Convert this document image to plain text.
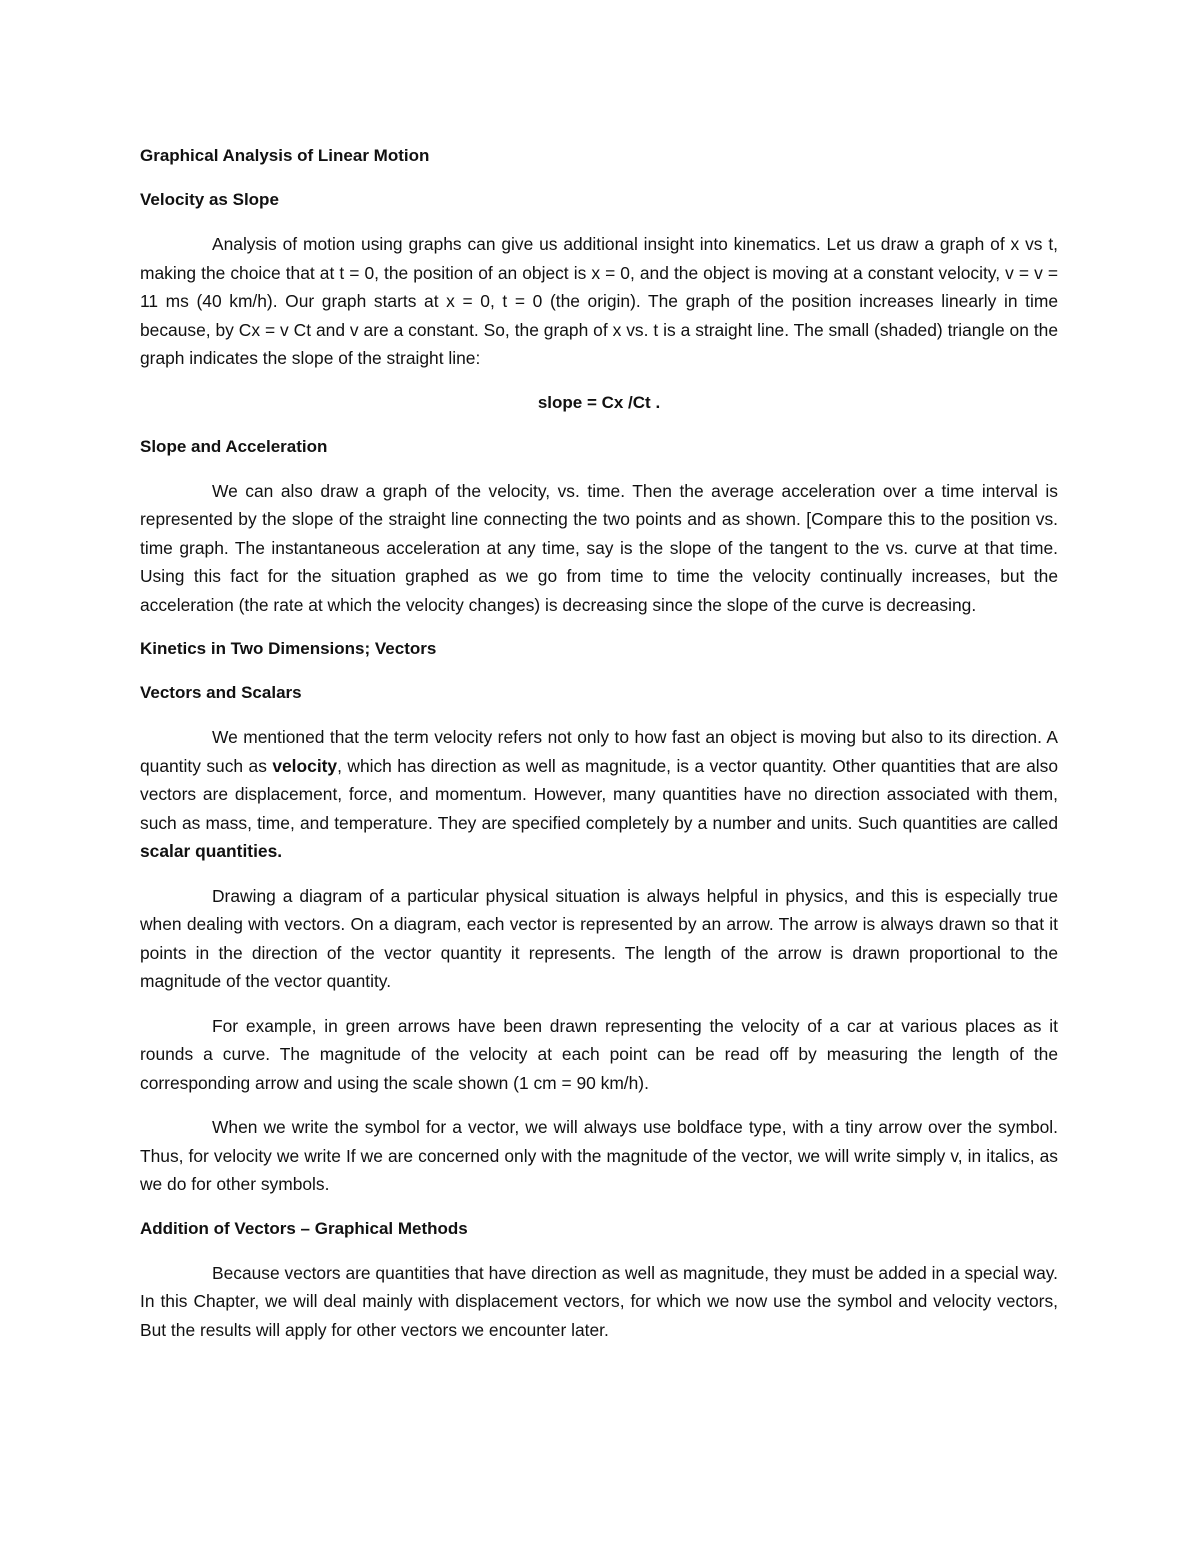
Graphical Analysis of Linear Motion
Velocity as Slope

Analysis of motion using graphs can give us additional insight into kinematics. Let us draw a graph of x vs t, making the choice that at t = 0, the position of an object is x = 0, and the object is moving at a constant velocity, v = v = 11 ms (40 km/h). Our graph starts at x = 0, t = 0 (the origin). The graph of the position increases linearly in time because, by Cx = v Ct and v are a constant. So, the graph of x vs. t is a straight line. The small (shaded) triangle on the graph indicates the slope of the straight line:

slope = Cx /Ct .
Slope and Acceleration

We can also draw a graph of the velocity, vs. time. Then the average acceleration over a time interval is represented by the slope of the straight line connecting the two points and as shown. [Compare this to the position vs. time graph. The instantaneous acceleration at any time, say is the slope of the tangent to the vs. curve at that time. Using this fact for the situation graphed as we go from time to time the velocity continually increases, but the acceleration (the rate at which the velocity changes) is decreasing since the slope of the curve is decreasing.

Kinetics in Two Dimensions; Vectors
Vectors and Scalars

We mentioned that the term velocity refers not only to how fast an object is moving but also to its direction. A quantity such as velocity, which has direction as well as magnitude, is a vector quantity. Other quantities that are also vectors are displacement, force, and momentum. However, many quantities have no direction associated with them, such as mass, time, and temperature. They are specified completely by a number and units. Such quantities are called scalar quantities.

Drawing a diagram of a particular physical situation is always helpful in physics, and this is especially true when dealing with vectors. On a diagram, each vector is represented by an arrow. The arrow is always drawn so that it points in the direction of the vector quantity it represents. The length of the arrow is drawn proportional to the magnitude of the vector quantity.

For example, in green arrows have been drawn representing the velocity of a car at various places as it rounds a curve. The magnitude of the velocity at each point can be read off by measuring the length of the corresponding arrow and using the scale shown (1 cm = 90 km/h).

When we write the symbol for a vector, we will always use boldface type, with a tiny arrow over the symbol. Thus, for velocity we write If we are concerned only with the magnitude of the vector, we will write simply v, in italics, as we do for other symbols.

Addition of Vectors – Graphical Methods

Because vectors are quantities that have direction as well as magnitude, they must be added in a special way. In this Chapter, we will deal mainly with displacement vectors, for which we now use the symbol and velocity vectors, But the results will apply for other vectors we encounter later.
